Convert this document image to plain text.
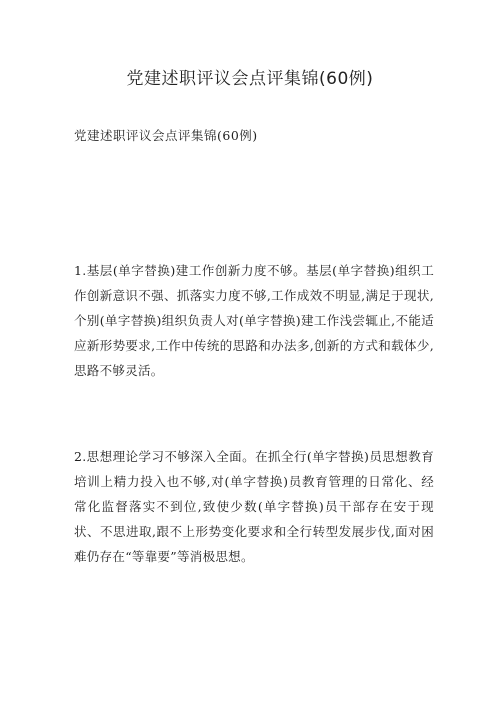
党建述职评议会点评集锦(60例)
党建述职评议会点评集锦(60例)

1.基层(单字替换)建工作创新力度不够。基层(单字替换)组织工作创新意识不强、抓落实力度不够,工作成效不明显,满足于现状,个别(单字替换)组织负责人对(单字替换)建工作浅尝辄止,不能适应新形势要求,工作中传统的思路和办法多,创新的方式和载体少,思路不够灵活。

2.思想理论学习不够深入全面。在抓全行(单字替换)员思想教育培训上精力投入也不够,对(单字替换)员教育管理的日常化、经常化监督落实不到位,致使少数(单字替换)员干部存在安于现状、不思进取,跟不上形势变化要求和全行转型发展步伐,面对困难仍存在“等靠要”等消极思想。
